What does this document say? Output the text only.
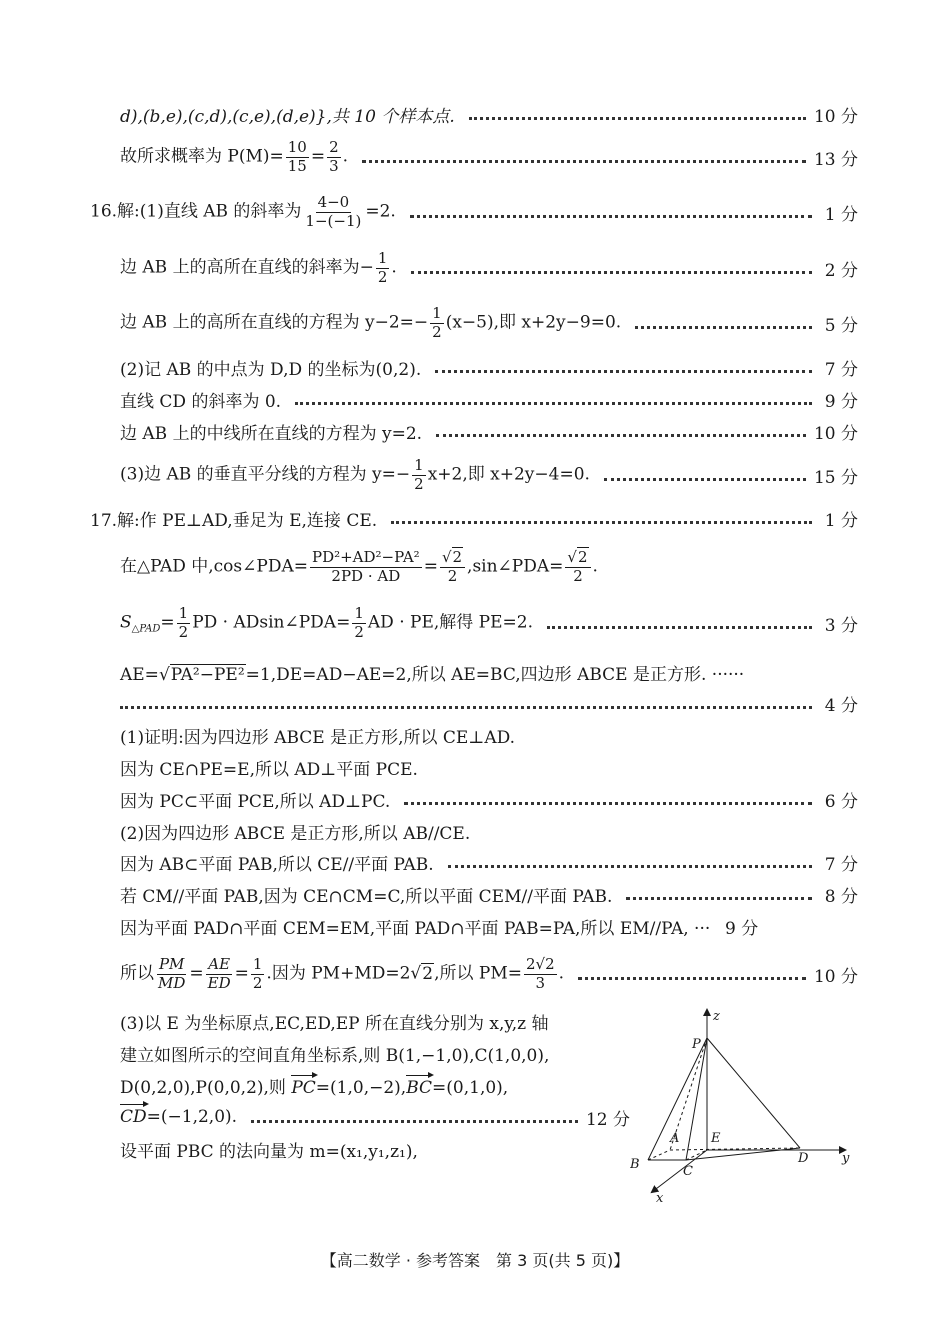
d),(b,e),(c,d),(c,e),(d,e)},共 10 个样本点.	10 分
故所求概率为 $P(M)= \frac{10}{15} = \frac{2}{3}$ .	13 分
16.解:(1)直线 AB 的斜率为 $\frac{4-0}{1-(-1)} =2$.	1 分
边 AB 上的高所在直线的斜率为− $\frac{1}{2}$ .	2 分
边 AB 上的高所在直线的方程为 $y-2=- \frac{1}{2} (x-5)$,即 x+2y−9=0.	5 分
(2)记 AB 的中点为 D,D 的坐标为(0,2).	7 分
直线 CD 的斜率为 0.	9 分
边 AB 上的中线所在直线的方程为 y=2.	10 分
(3)边 AB 的垂直平分线的方程为 $y=- \frac{1}{2} x+2$,即 x+2y−4=0.	15 分
17.解:作 PE⊥AD,垂足为 E,连接 CE.	1 分
在△PAD 中,cos∠PDA= $\frac{\text{PD²+AD²−PA²}}{2PD \cdot AD} = \frac{√2}{2}$ ,sin∠PDA= $\frac{√2}{2}$ .
$S_{\triangle PAD}= \frac{1}{2}$ PD · ADsin∠PDA= $\frac{1}{2}$ AD · PE,解得 PE=2.	3 分
AE=√PA²−PE²=1,DE=AD−AE=2,所以 AE=BC,四边形 ABCE 是正方形. ······
4 分
(1)证明:因为四边形 ABCE 是正方形,所以 CE⊥AD.
因为 CE∩PE=E,所以 AD⊥平面 PCE.
因为 PC⊂平面 PCE,所以 AD⊥PC.	6 分
(2)因为四边形 ABCE 是正方形,所以 AB//CE.
因为 AB⊂平面 PAB,所以 CE//平面 PAB.	7 分
若 CM//平面 PAB,因为 CE∩CM=C,所以平面 CEM//平面 PAB.	8 分
因为平面 PAD∩平面 CEM=EM,平面 PAD∩平面 PAB=PA,所以 EM//PA, ··· 9 分
所以 $\frac{PM}{MD} = \frac{AE}{ED} = \frac{1}{2}$ .因为 PM+MD=2√2,所以 $PM= \frac{2√2}{3}$ .	10 分
(3)以 E 为坐标原点,EC,ED,EP 所在直线分别为 x,y,z 轴
建立如图所示的空间直角坐标系,则 B(1,−1,0),C(1,0,0),
D(0,2,0),P(0,0,2),则 PC=(1,0,−2),BC=(0,1,0),
CD=(−1,2,0).	12 分
设平面 PBC 的法向量为 m=(x₁,y₁,z₁),
z
y
x
P
A E
B	C
D
【高二数学 · 参考答案　第 3 页(共 5 页)】
